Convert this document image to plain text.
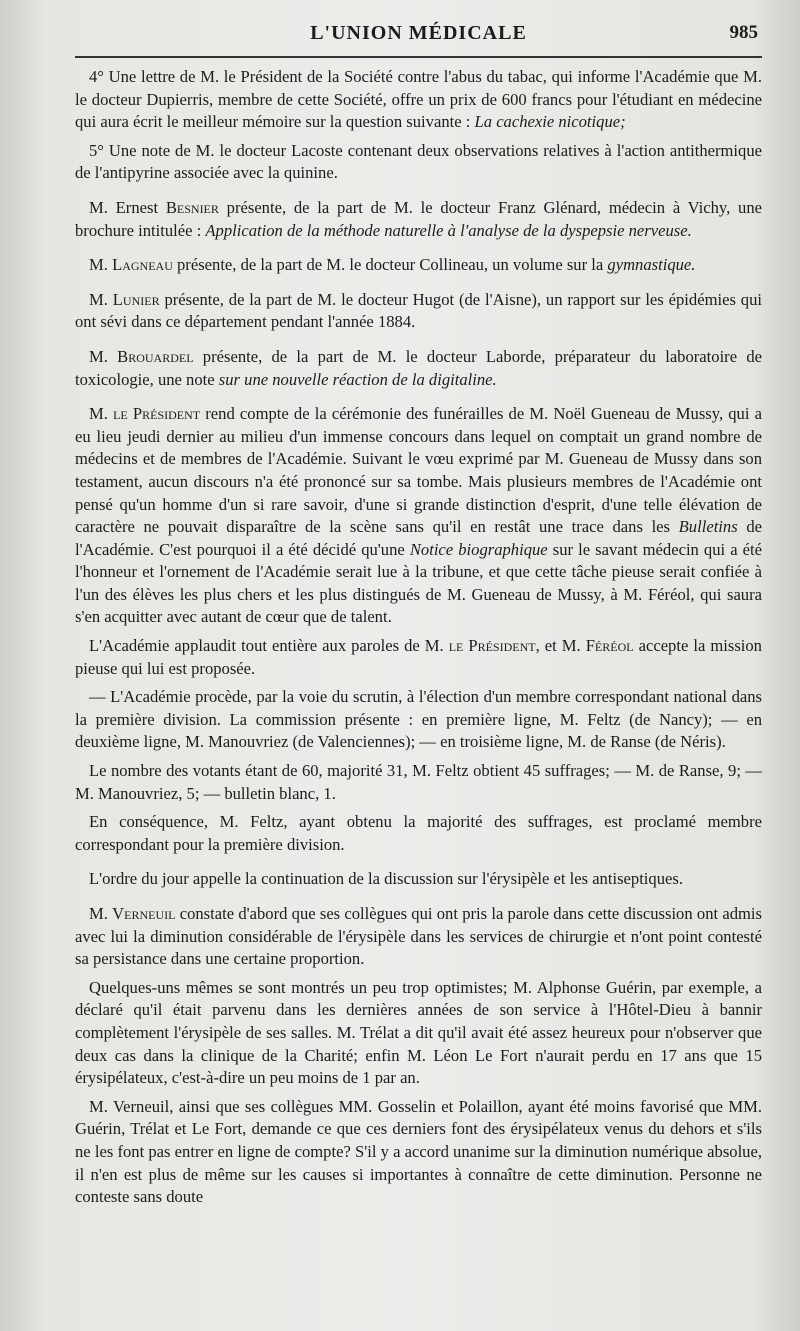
L'UNION MÉDICALE	985

4° Une lettre de M. le Président de la Société contre l'abus du tabac, qui informe l'Académie que M. le docteur Dupierris, membre de cette Société, offre un prix de 600 francs pour l'étudiant en médecine qui aura écrit le meilleur mémoire sur la question suivante : La cachexie nicotique;

5° Une note de M. le docteur Lacoste contenant deux observations relatives à l'action antithermique de l'antipyrine associée avec la quinine.

M. Ernest Besnier présente, de la part de M. le docteur Franz Glénard, médecin à Vichy, une brochure intitulée : Application de la méthode naturelle à l'analyse de la dyspepsie nerveuse.

M. Lagneau présente, de la part de M. le docteur Collineau, un volume sur la gymnastique.

M. Lunier présente, de la part de M. le docteur Hugot (de l'Aisne), un rapport sur les épidémies qui ont sévi dans ce département pendant l'année 1884.

M. Brouardel présente, de la part de M. le docteur Laborde, préparateur du laboratoire de toxicologie, une note sur une nouvelle réaction de la digitaline.

M. le Président rend compte de la cérémonie des funérailles de M. Noël Gueneau de Mussy, qui a eu lieu jeudi dernier au milieu d'un immense concours dans lequel on comptait un grand nombre de médecins et de membres de l'Académie. Suivant le vœu exprimé par M. Gueneau de Mussy dans son testament, aucun discours n'a été prononcé sur sa tombe. Mais plusieurs membres de l'Académie ont pensé qu'un homme d'un si rare savoir, d'une si grande distinction d'esprit, d'une telle élévation de caractère ne pouvait disparaître de la scène sans qu'il en restât une trace dans les Bulletins de l'Académie. C'est pourquoi il a été décidé qu'une Notice biographique sur le savant médecin qui a été l'honneur et l'ornement de l'Académie serait lue à la tribune, et que cette tâche pieuse serait confiée à l'un des élèves les plus chers et les plus distingués de M. Gueneau de Mussy, à M. Féréol, qui saura s'en acquitter avec autant de cœur que de talent.

L'Académie applaudit tout entière aux paroles de M. le Président, et M. Féréol accepte la mission pieuse qui lui est proposée.

— L'Académie procède, par la voie du scrutin, à l'élection d'un membre correspondant national dans la première division. La commission présente : en première ligne, M. Feltz (de Nancy); — en deuxième ligne, M. Manouvriez (de Valenciennes); — en troisième ligne, M. de Ranse (de Néris).

Le nombre des votants étant de 60, majorité 31, M. Feltz obtient 45 suffrages; — M. de Ranse, 9; — M. Manouvriez, 5; — bulletin blanc, 1.

En conséquence, M. Feltz, ayant obtenu la majorité des suffrages, est proclamé membre correspondant pour la première division.

L'ordre du jour appelle la continuation de la discussion sur l'érysipèle et les antiseptiques.

M. Verneuil constate d'abord que ses collègues qui ont pris la parole dans cette discussion ont admis avec lui la diminution considérable de l'érysipèle dans les services de chirurgie et n'ont point contesté sa persistance dans une certaine proportion.

Quelques-uns mêmes se sont montrés un peu trop optimistes; M. Alphonse Guérin, par exemple, a déclaré qu'il était parvenu dans les dernières années de son service à l'Hôtel-Dieu à bannir complètement l'érysipèle de ses salles. M. Trélat a dit qu'il avait été assez heureux pour n'observer que deux cas dans la clinique de la Charité; enfin M. Léon Le Fort n'aurait perdu en 17 ans que 15 érysipélateux, c'est-à-dire un peu moins de 1 par an.

M. Verneuil, ainsi que ses collègues MM. Gosselin et Polaillon, ayant été moins favorisé que MM. Guérin, Trélat et Le Fort, demande ce que ces derniers font des érysipélateux venus du dehors et s'ils ne les font pas entrer en ligne de compte? S'il y a accord unanime sur la diminution numérique absolue, il n'en est plus de même sur les causes si importantes à connaître de cette diminution. Personne ne conteste sans doute
